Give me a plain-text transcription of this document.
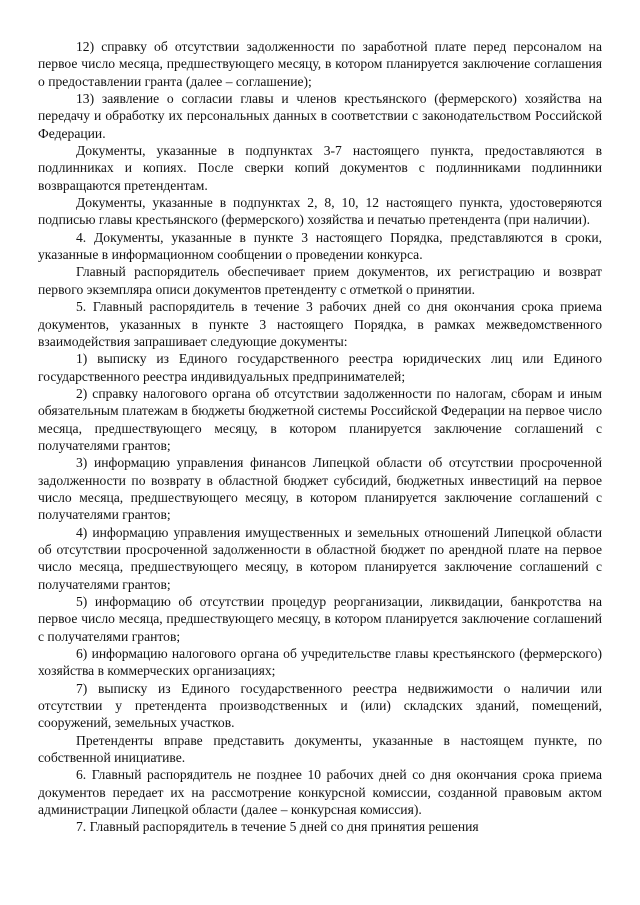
12) справку об отсутствии задолженности по заработной плате перед персоналом на первое число месяца, предшествующего месяцу, в котором планируется заключение соглашения о предоставлении гранта (далее – соглашение);

13) заявление о согласии главы и членов крестьянского (фермерского) хозяйства на передачу и обработку их персональных данных в соответствии с законодательством Российской Федерации.

Документы, указанные в подпунктах 3-7 настоящего пункта, предоставляются в подлинниках и копиях. После сверки копий документов с подлинниками подлинники возвращаются претендентам.

Документы, указанные в подпунктах 2, 8, 10, 12 настоящего пункта, удостоверяются подписью главы крестьянского (фермерского) хозяйства и печатью претендента (при наличии).

4. Документы, указанные в пункте 3 настоящего Порядка, представляются в сроки, указанные в информационном сообщении о проведении конкурса.

Главный распорядитель обеспечивает прием документов, их регистрацию и возврат первого экземпляра описи документов претенденту с отметкой о принятии.

5. Главный распорядитель в течение 3 рабочих дней со дня окончания срока приема документов, указанных в пункте 3 настоящего Порядка, в рамках межведомственного взаимодействия запрашивает следующие документы:

1) выписку из Единого государственного реестра юридических лиц или Единого государственного реестра индивидуальных предпринимателей;

2) справку налогового органа об отсутствии задолженности по налогам, сборам и иным обязательным платежам в бюджеты бюджетной системы Российской Федерации на первое число месяца, предшествующего месяцу, в котором планируется заключение соглашений с получателями грантов;

3) информацию управления финансов Липецкой области об отсутствии просроченной задолженности по возврату в областной бюджет субсидий, бюджетных инвестиций на первое число месяца, предшествующего месяцу, в котором планируется заключение соглашений с получателями грантов;

4) информацию управления имущественных и земельных отношений Липецкой области об отсутствии просроченной задолженности в областной бюджет по арендной плате на первое число месяца, предшествующего месяцу, в котором планируется заключение соглашений с получателями грантов;

5) информацию об отсутствии процедур реорганизации, ликвидации, банкротства на первое число месяца, предшествующего месяцу, в котором планируется заключение соглашений с получателями грантов;

6) информацию налогового органа об учредительстве главы крестьянского (фермерского) хозяйства в коммерческих организациях;

7) выписку из Единого государственного реестра недвижимости о наличии или отсутствии у претендента производственных и (или) складских зданий, помещений, сооружений, земельных участков.

Претенденты вправе представить документы, указанные в настоящем пункте, по собственной инициативе.

6. Главный распорядитель не позднее 10 рабочих дней со дня окончания срока приема документов передает их на рассмотрение конкурсной комиссии, созданной правовым актом администрации Липецкой области (далее – конкурсная комиссия).

7. Главный распорядитель в течение 5 дней со дня принятия решения
